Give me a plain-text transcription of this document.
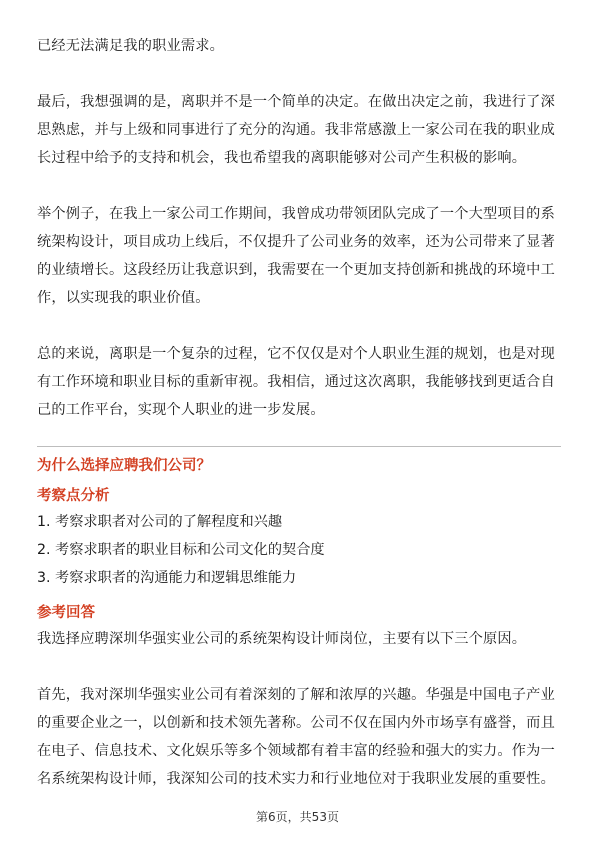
已经无法满足我的职业需求。

最后，我想强调的是，离职并不是一个简单的决定。在做出决定之前，我进行了深
思熟虑，并与上级和同事进行了充分的沟通。我非常感激上一家公司在我的职业成
长过程中给予的支持和机会，我也希望我的离职能够对公司产生积极的影响。

举个例子，在我上一家公司工作期间，我曾成功带领团队完成了一个大型项目的系
统架构设计，项目成功上线后，不仅提升了公司业务的效率，还为公司带来了显著
的业绩增长。这段经历让我意识到，我需要在一个更加支持创新和挑战的环境中工
作，以实现我的职业价值。

总的来说，离职是一个复杂的过程，它不仅仅是对个人职业生涯的规划，也是对现
有工作环境和职业目标的重新审视。我相信，通过这次离职，我能够找到更适合自
己的工作平台，实现个人职业的进一步发展。

为什么选择应聘我们公司？
考察点分析

1. 考察求职者对公司的了解程度和兴趣

2. 考察求职者的职业目标和公司文化的契合度

3. 考察求职者的沟通能力和逻辑思维能力

参考回答

我选择应聘深圳华强实业公司的系统架构设计师岗位，主要有以下三个原因。

首先，我对深圳华强实业公司有着深刻的了解和浓厚的兴趣。华强是中国电子产业
的重要企业之一，以创新和技术领先著称。公司不仅在国内外市场享有盛誉，而且
在电子、信息技术、文化娱乐等多个领域都有着丰富的经验和强大的实力。作为一
名系统架构设计师，我深知公司的技术实力和行业地位对于我职业发展的重要性。

第6页，共53页
